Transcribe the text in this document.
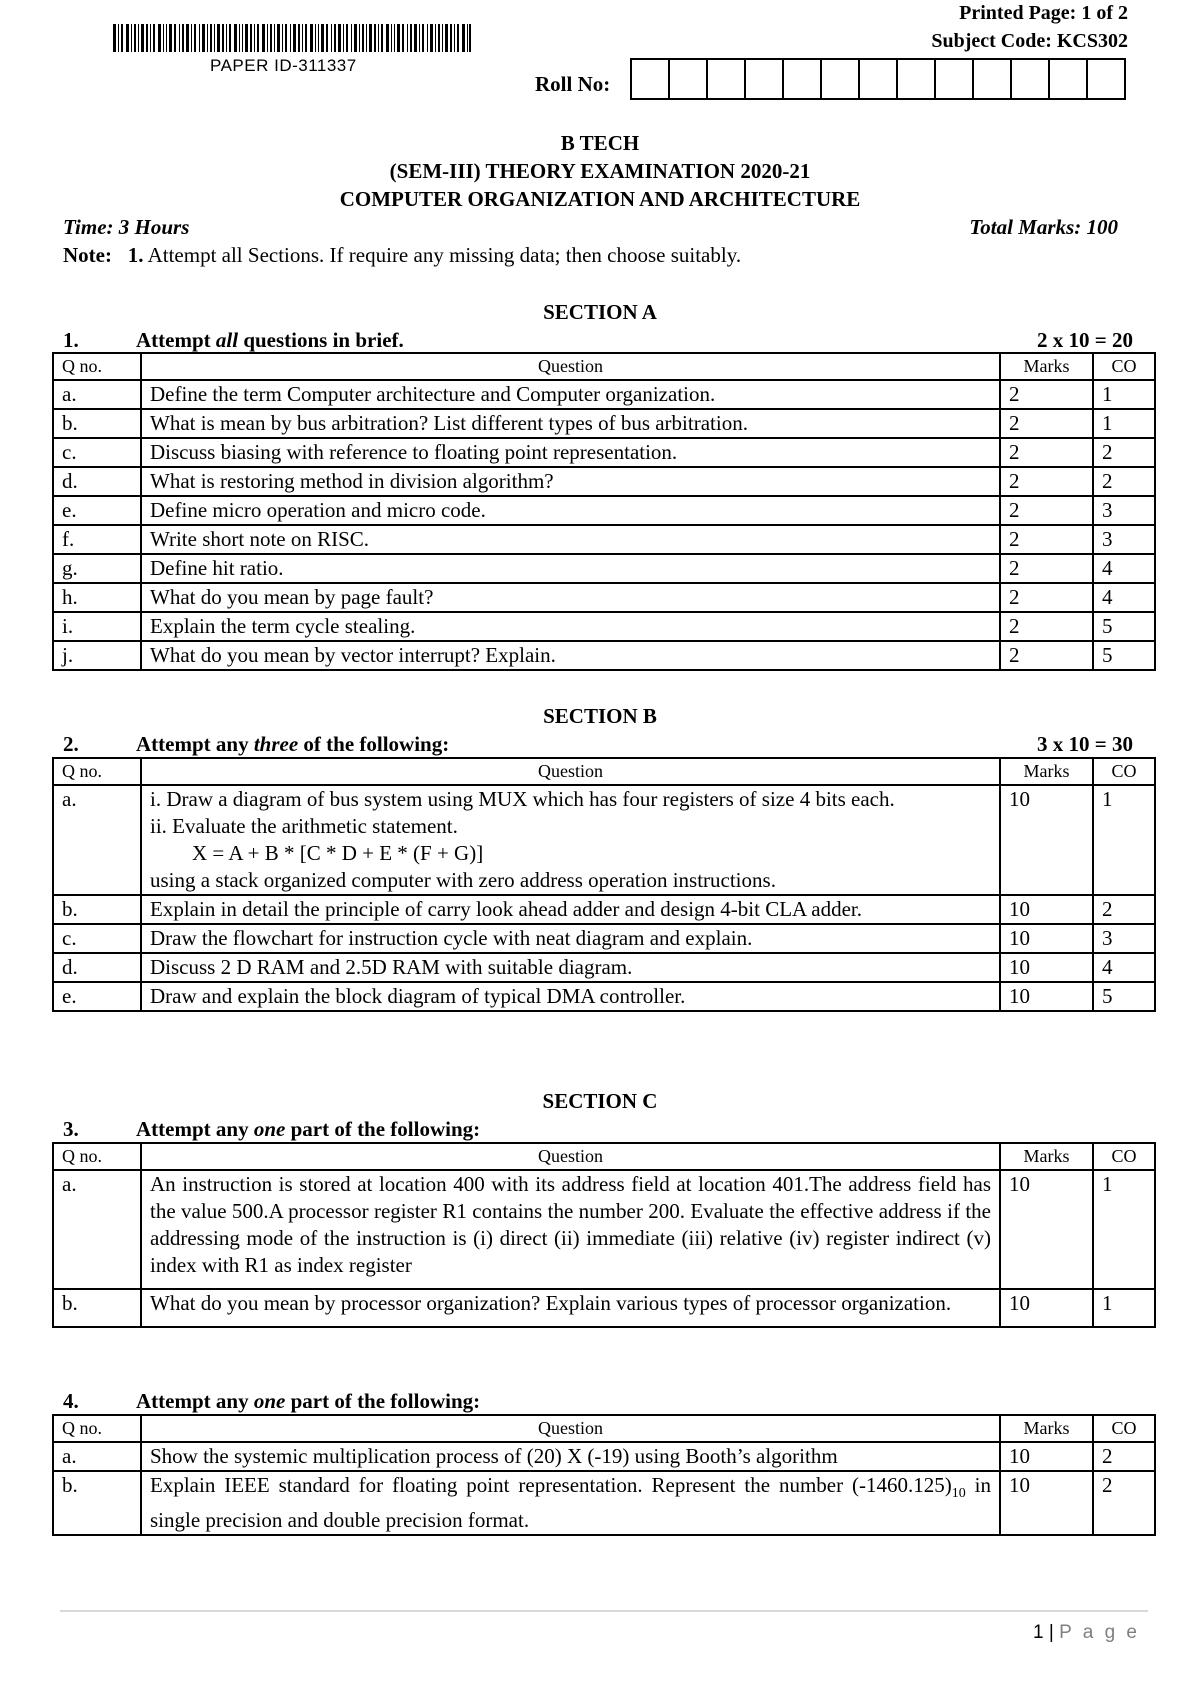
PAPER ID-311337
Printed Page: 1 of 2
Subject Code: KCS302
Roll No:
B TECH
(SEM-III) THEORY EXAMINATION 2020-21
COMPUTER ORGANIZATION AND ARCHITECTURE
Time: 3 Hours	Total Marks: 100
Note: 1. Attempt all Sections. If require any missing data; then choose suitably.
SECTION A
1.	Attempt all questions in brief.	2 x 10 = 20
Q no.	Question	Marks	CO
a.	Define the term Computer architecture and Computer organization.	2	1
b.	What is mean by bus arbitration? List different types of bus arbitration.	2	1
c.	Discuss biasing with reference to floating point representation.	2	2
d.	What is restoring method in division algorithm?	2	2
e.	Define micro operation and micro code.	2	3
f.	Write short note on RISC.	2	3
g.	Define hit ratio.	2	4
h.	What do you mean by page fault?	2	4
i.	Explain the term cycle stealing.	2	5
j.	What do you mean by vector interrupt? Explain.	2	5
SECTION B
2.	Attempt any three of the following:	3 x 10 = 30
Q no.	Question	Marks	CO
a.	i. Draw a diagram of bus system using MUX which has four registers of size 4 bits each.
ii. Evaluate the arithmetic statement.
X = A + B * [C * D + E * (F + G)]
using a stack organized computer with zero address operation instructions.	10	1
b.	Explain in detail the principle of carry look ahead adder and design 4-bit CLA adder.	10	2
c.	Draw the flowchart for instruction cycle with neat diagram and explain.	10	3
d.	Discuss 2 D RAM and 2.5D RAM with suitable diagram.	10	4
e.	Draw and explain the block diagram of typical DMA controller.	10	5
SECTION C
3.	Attempt any one part of the following:
Q no.	Question	Marks	CO
a.	An instruction is stored at location 400 with its address field at location 401.The address field has the value 500.A processor register R1 contains the number 200. Evaluate the effective address if the addressing mode of the instruction is (i) direct (ii) immediate (iii) relative (iv) register indirect (v) index with R1 as index register	10	1
b.	What do you mean by processor organization? Explain various types of processor organization.	10	1
4.	Attempt any one part of the following:
Q no.	Question	Marks	CO
a.	Show the systemic multiplication process of (20) X (-19) using Booth’s algorithm	10	2
b.	Explain IEEE standard for floating point representation. Represent the number $(-1460.125)_{10}$ in single precision and double precision format.	10	2
1 | P a g e
